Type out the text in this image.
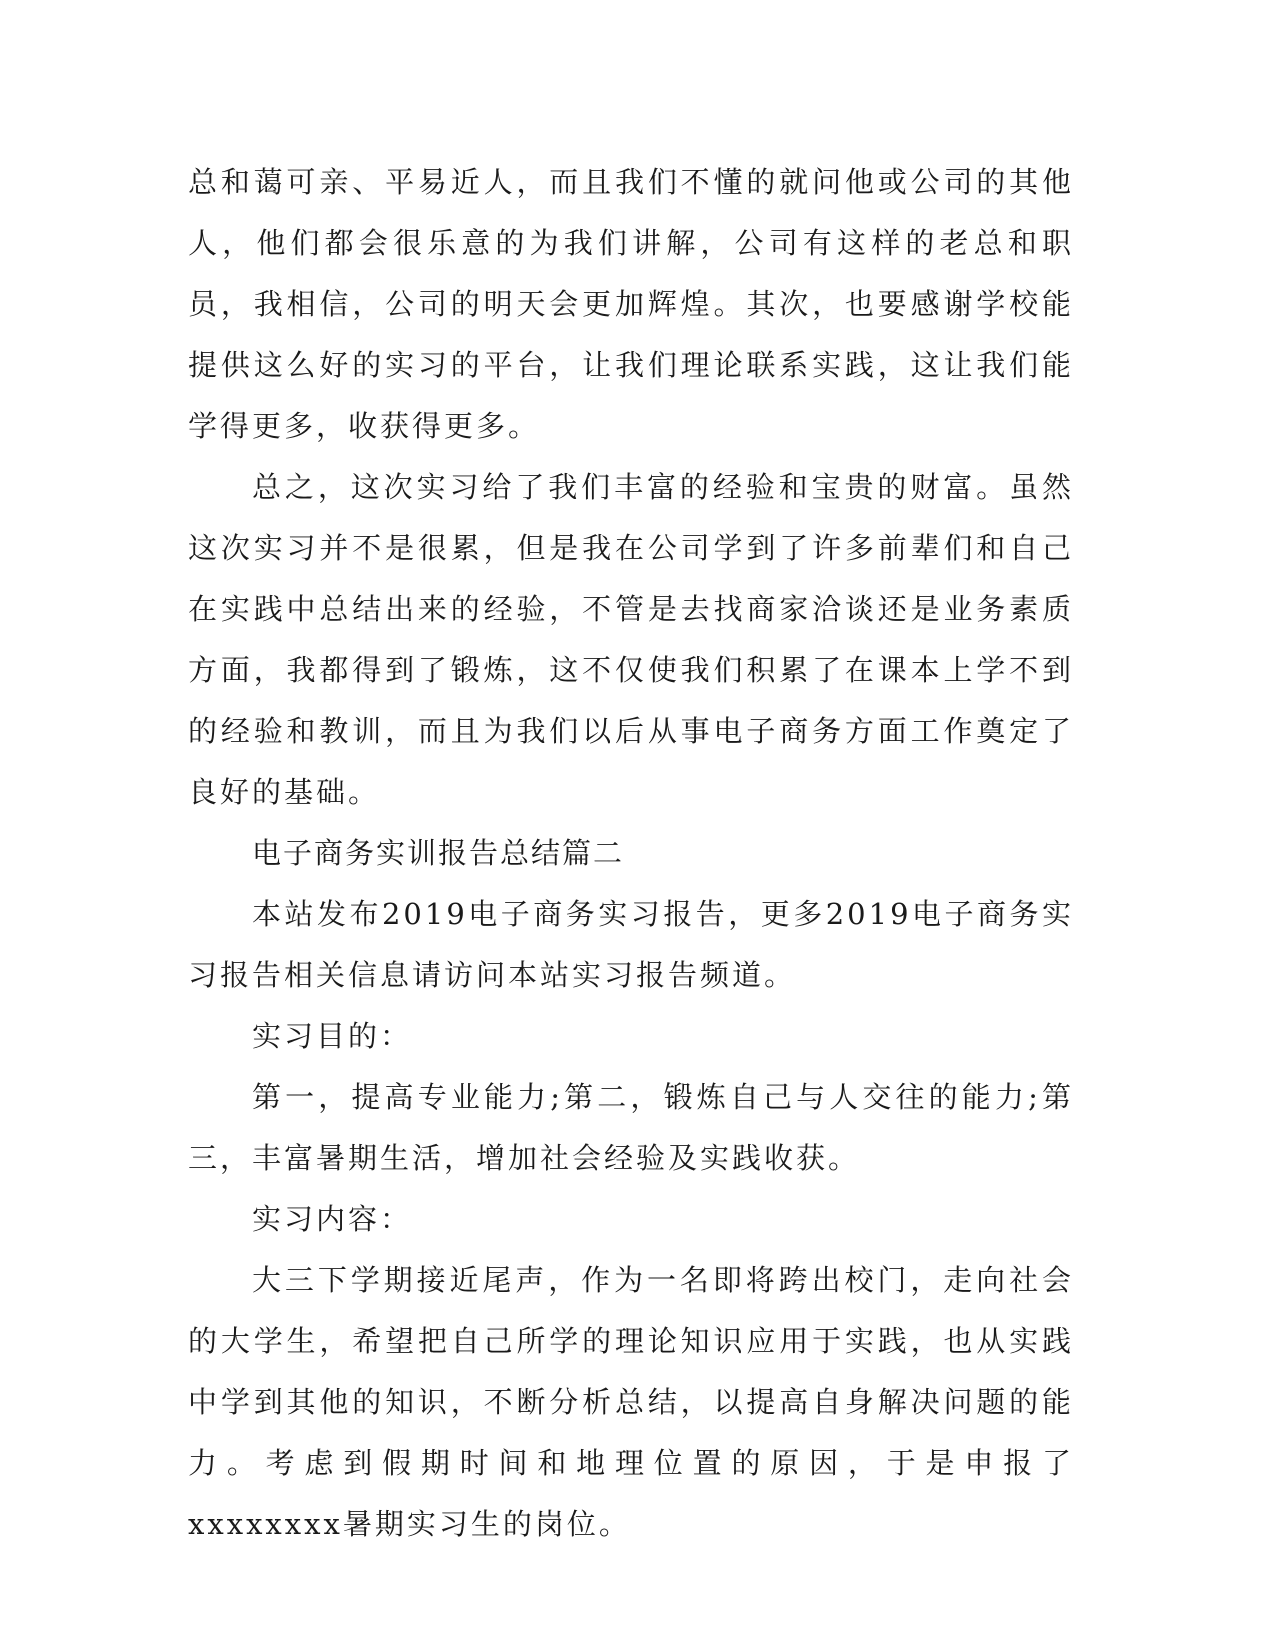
总和蔼可亲、平易近人，而且我们不懂的就问他或公司的其他人，他们都会很乐意的为我们讲解，公司有这样的老总和职员，我相信，公司的明天会更加辉煌。其次，也要感谢学校能提供这么好的实习的平台，让我们理论联系实践，这让我们能学得更多，收获得更多。

总之，这次实习给了我们丰富的经验和宝贵的财富。虽然这次实习并不是很累，但是我在公司学到了许多前辈们和自己在实践中总结出来的经验，不管是去找商家洽谈还是业务素质方面，我都得到了锻炼，这不仅使我们积累了在课本上学不到的经验和教训，而且为我们以后从事电子商务方面工作奠定了良好的基础。

电子商务实训报告总结篇二

本站发布2019电子商务实习报告，更多2019电子商务实习报告相关信息请访问本站实习报告频道。

实习目的：

第一，提高专业能力;第二，锻炼自己与人交往的能力;第三，丰富暑期生活，增加社会经验及实践收获。

实习内容：

大三下学期接近尾声，作为一名即将跨出校门，走向社会的大学生，希望把自己所学的理论知识应用于实践，也从实践中学到其他的知识，不断分析总结，以提高自身解决问题的能力。考虑到假期时间和地理位置的原因，于是申报了xxxxxxxx暑期实习生的岗位。
